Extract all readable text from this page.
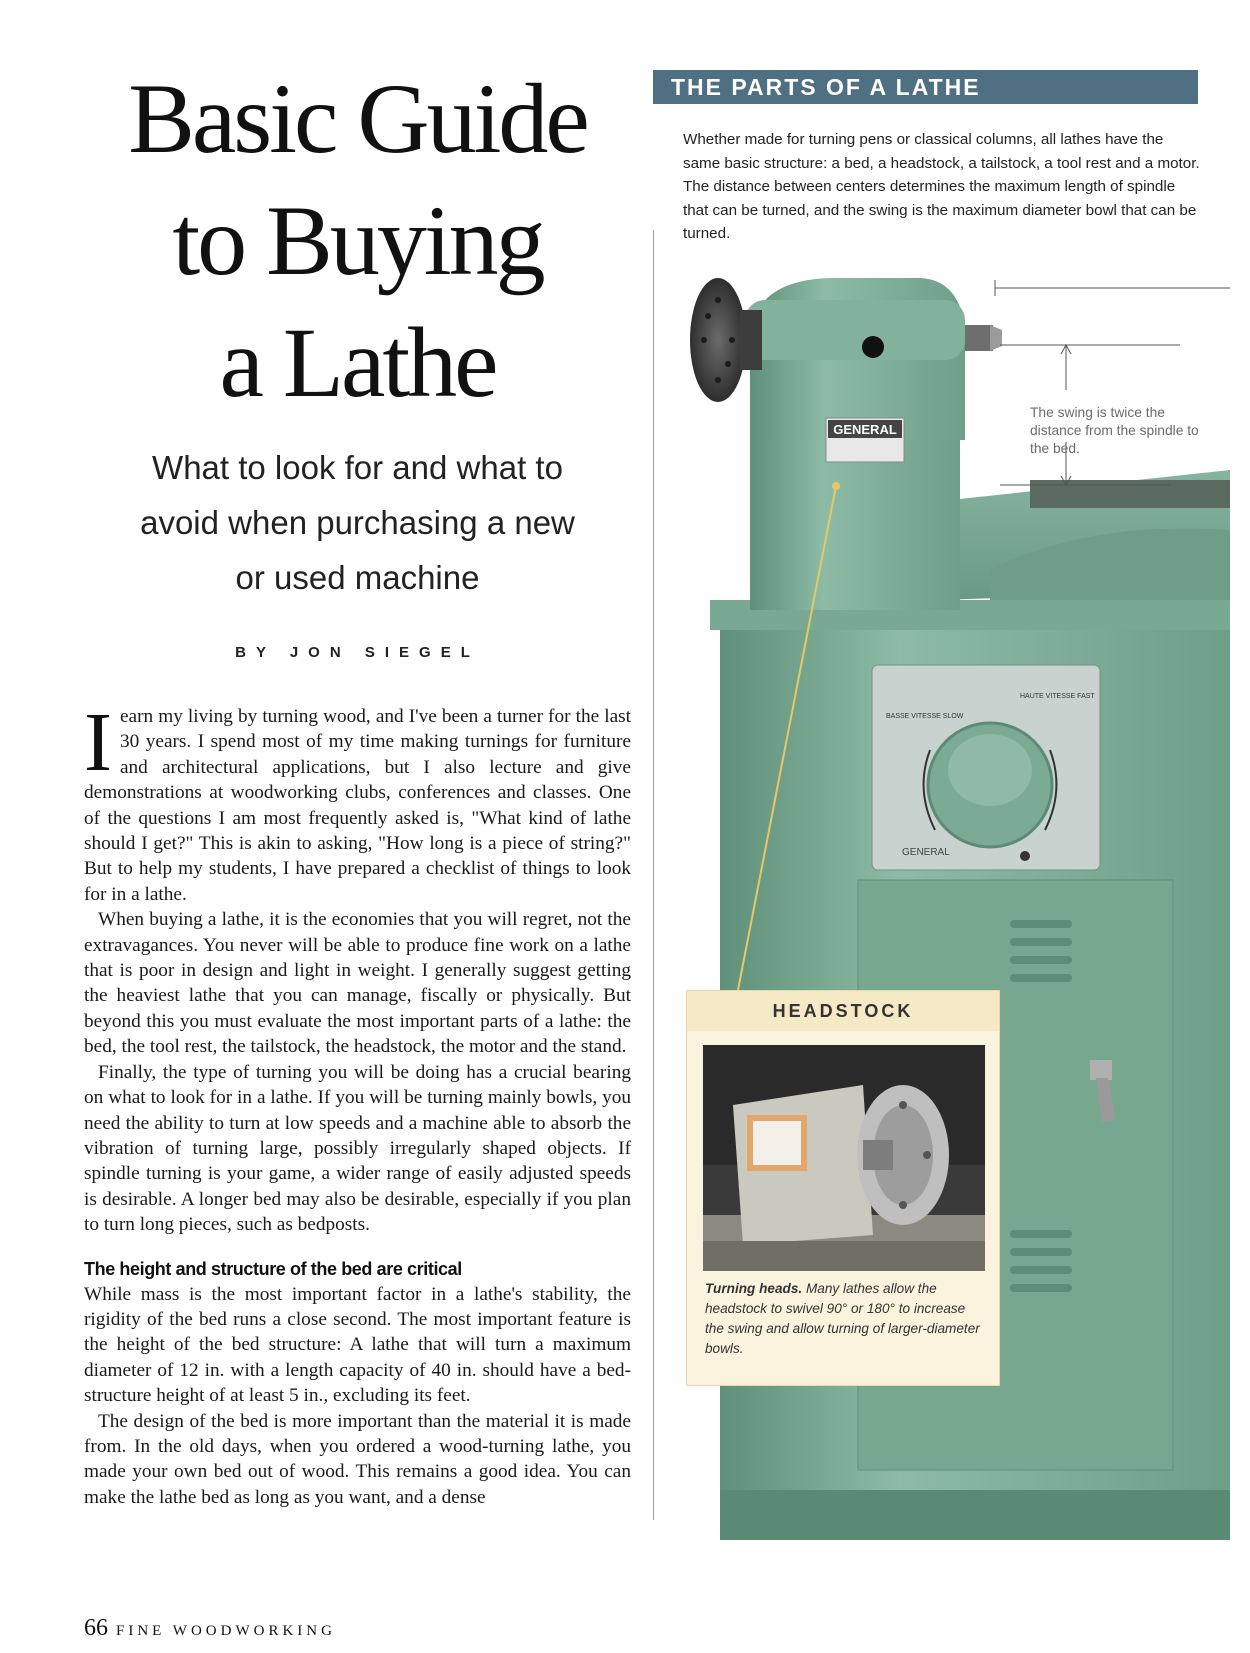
Basic Guide
to Buying
a Lathe
What to look for and what to
avoid when purchasing a new
or used machine
BY JON SIEGEL

Iearn my living by turning wood, and I've been a turner for the last 30 years. I spend most of my time making turnings for furniture and architectural applications, but I also lecture and give demonstrations at woodworking clubs, conferences and classes. One of the questions I am most frequently asked is, "What kind of lathe should I get?" This is akin to asking, "How long is a piece of string?" But to help my students, I have prepared a checklist of things to look for in a lathe.

When buying a lathe, it is the economies that you will regret, not the extravagances. You never will be able to produce fine work on a lathe that is poor in design and light in weight. I generally suggest getting the heaviest lathe that you can manage, fiscally or physically. But beyond this you must evaluate the most important parts of a lathe: the bed, the tool rest, the tailstock, the headstock, the motor and the stand.

Finally, the type of turning you will be doing has a crucial bearing on what to look for in a lathe. If you will be turning mainly bowls, you need the ability to turn at low speeds and a machine able to absorb the vibration of turning large, possibly irregularly shaped objects. If spindle turning is your game, a wider range of easily adjusted speeds is desirable. A longer bed may also be desirable, especially if you plan to turn long pieces, such as bedposts.

The height and structure of the bed are critical

While mass is the most important factor in a lathe's stability, the rigidity of the bed runs a close second. The most important feature is the height of the bed structure: A lathe that will turn a maximum diameter of 12 in. with a length capacity of 40 in. should have a bed-structure height of at least 5 in., excluding its feet.

The design of the bed is more important than the material it is made from. In the old days, when you ordered a wood-turning lathe, you made your own bed out of wood. This remains a good idea. You can make the lathe bed as long as you want, and a dense

66 FINE WOODWORKING
THE PARTS OF A LATHE
Whether made for turning pens or classical columns, all lathes have the same basic structure: a bed, a headstock, a tailstock, a tool rest and a motor. The distance between centers determines the maximum length of spindle that can be turned, and the swing is the maximum diameter bowl that can be turned.
GENERAL
BASSE VITESSE SLOW
HAUTE VITESSE FAST
GENERAL
The swing is twice the distance from the spindle to the bed.
HEADSTOCK
Turning heads. Many lathes allow the headstock to swivel 90° or 180° to increase the swing and allow turning of larger-diameter bowls.
